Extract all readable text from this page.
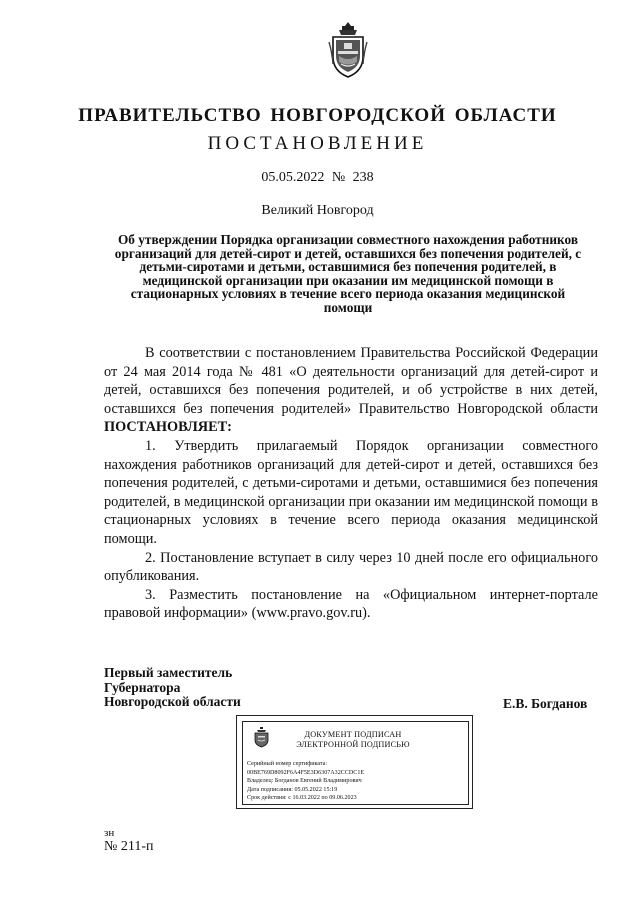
ПРАВИТЕЛЬСТВО НОВГОРОДСКОЙ ОБЛАСТИ
ПОСТАНОВЛЕНИЕ
05.05.2022 № 238
Великий Новгород
Об утверждении Порядка организации совместного нахождения работников организаций для детей-сирот и детей, оставшихся без попечения родителей, с детьми-сиротами и детьми, оставшимися без попечения родителей, в медицинской организации при оказании им медицинской помощи в стационарных условиях в течение всего периода оказания медицинской помощи

В соответствии с постановлением Правительства Российской Федерации от 24 мая 2014 года № 481 «О деятельности организаций для детей-сирот и детей, оставшихся без попечения родителей, и об устройстве в них детей, оставшихся без попечения родителей» Правительство Новгородской области ПОСТАНОВЛЯЕТ:

1. Утвердить прилагаемый Порядок организации совместного нахождения работников организаций для детей-сирот и детей, оставшихся без попечения родителей, с детьми-сиротами и детьми, оставшимися без попечения родителей, в медицинской организации при оказании им медицинской помощи в стационарных условиях в течение всего периода оказания медицинской помощи.

2. Постановление вступает в силу через 10 дней после его официального опубликования.

3. Разместить постановление на «Официальном интернет-портале правовой информации» (www.pravo.gov.ru).

Первый заместитель
Губернатора
Новгородской области	Е.В. Богданов
ДОКУМЕНТ ПОДПИСАН
ЭЛЕКТРОННОЙ ПОДПИСЬЮ
Серийный номер сертификата:
00BE769D8092F6A4F5E3D6307A32CCDC1E
Владелец: Богданов Евгений Владимирович
Дата подписания: 05.05.2022 15:19
Срок действия: с 16.03.2022 по 09.06.2023
зн
№ 211-п
